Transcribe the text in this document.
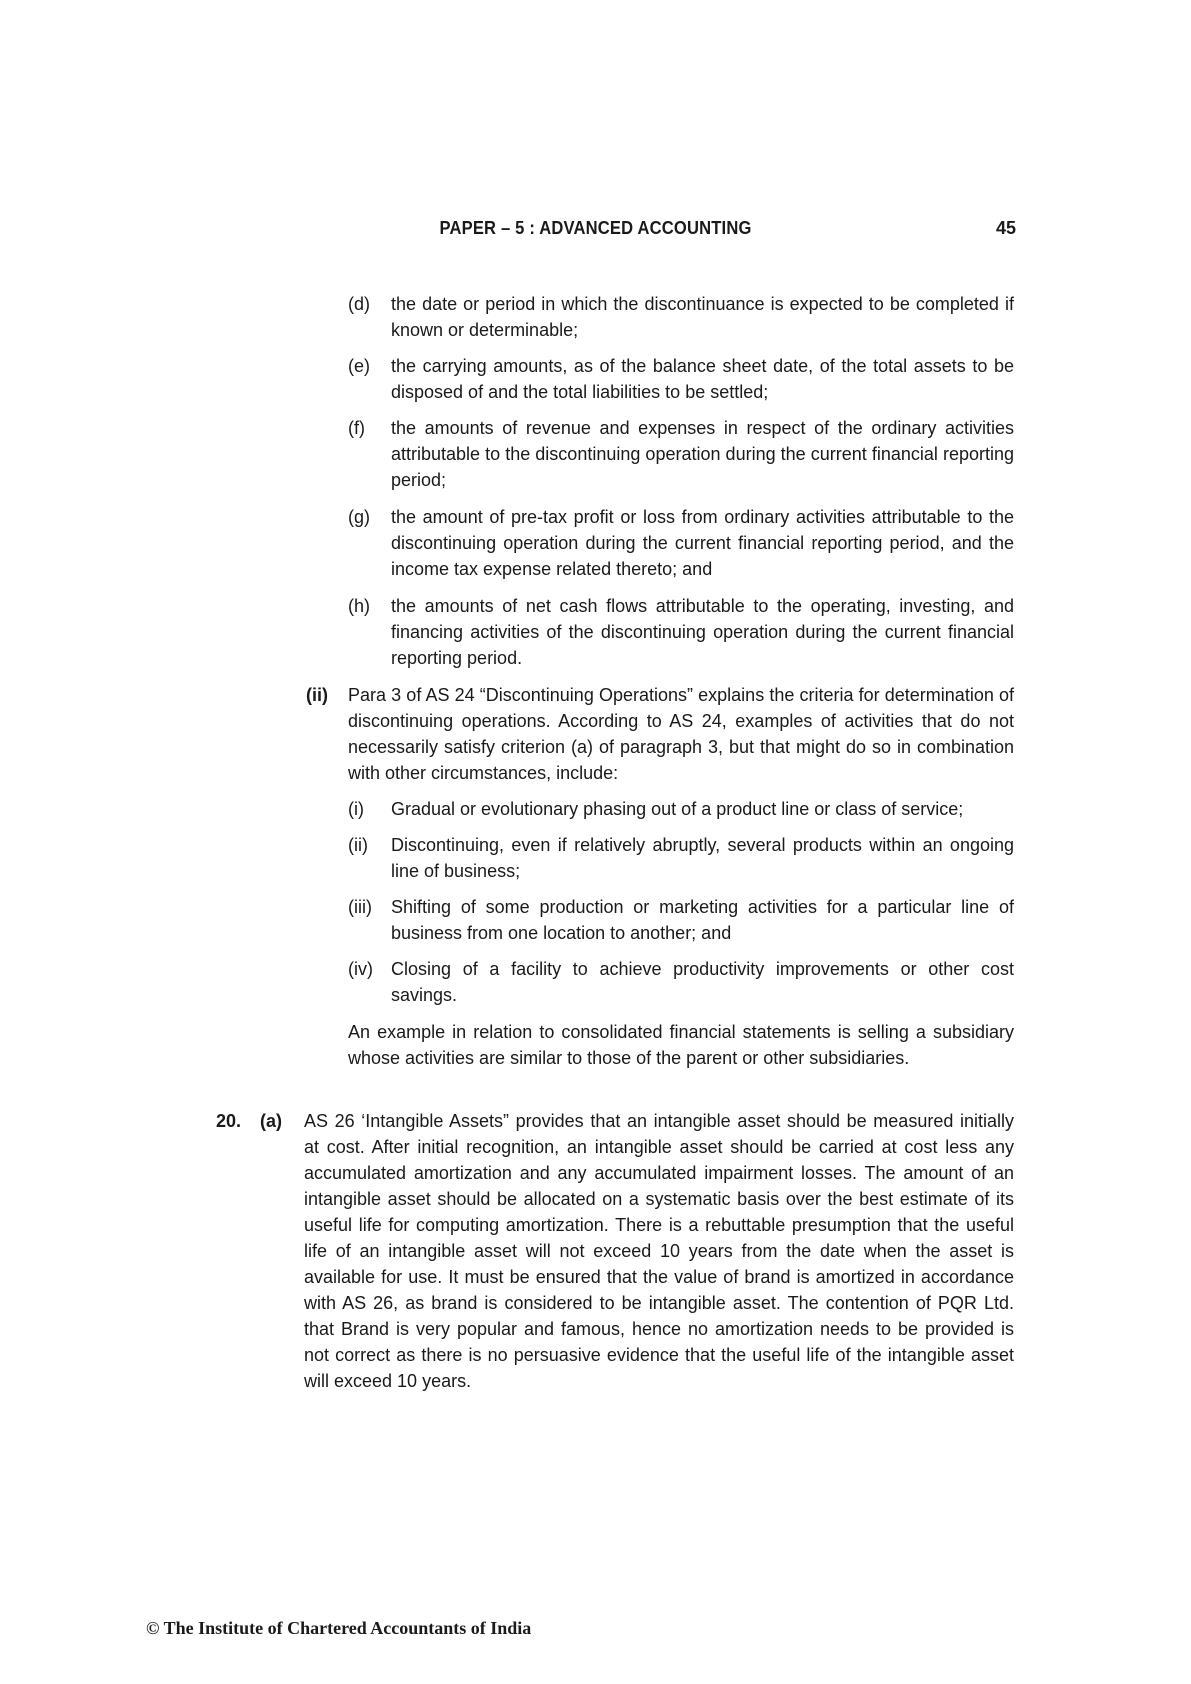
PAPER – 5 : ADVANCED ACCOUNTING	45
(d) the date or period in which the discontinuance is expected to be completed if known or determinable;
(e) the carrying amounts, as of the balance sheet date, of the total assets to be disposed of and the total liabilities to be settled;
(f) the amounts of revenue and expenses in respect of the ordinary activities attributable to the discontinuing operation during the current financial reporting period;
(g) the amount of pre-tax profit or loss from ordinary activities attributable to the discontinuing operation during the current financial reporting period, and the income tax expense related thereto; and
(h) the amounts of net cash flows attributable to the operating, investing, and financing activities of the discontinuing operation during the current financial reporting period.
(ii) Para 3 of AS 24 “Discontinuing Operations” explains the criteria for determination of discontinuing operations. According to AS 24, examples of activities that do not necessarily satisfy criterion (a) of paragraph 3, but that might do so in combination with other circumstances, include:
(i) Gradual or evolutionary phasing out of a product line or class of service;
(ii) Discontinuing, even if relatively abruptly, several products within an ongoing line of business;
(iii) Shifting of some production or marketing activities for a particular line of business from one location to another; and
(iv) Closing of a facility to achieve productivity improvements or other cost savings.
An example in relation to consolidated financial statements is selling a subsidiary whose activities are similar to those of the parent or other subsidiaries.
20. (a) AS 26 ‘Intangible Assets” provides that an intangible asset should be measured initially at cost. After initial recognition, an intangible asset should be carried at cost less any accumulated amortization and any accumulated impairment losses. The amount of an intangible asset should be allocated on a systematic basis over the best estimate of its useful life for computing amortization. There is a rebuttable presumption that the useful life of an intangible asset will not exceed 10 years from the date when the asset is available for use. It must be ensured that the value of brand is amortized in accordance with AS 26, as brand is considered to be intangible asset. The contention of PQR Ltd. that Brand is very popular and famous, hence no amortization needs to be provided is not correct as there is no persuasive evidence that the useful life of the intangible asset will exceed 10 years.
© The Institute of Chartered Accountants of India
